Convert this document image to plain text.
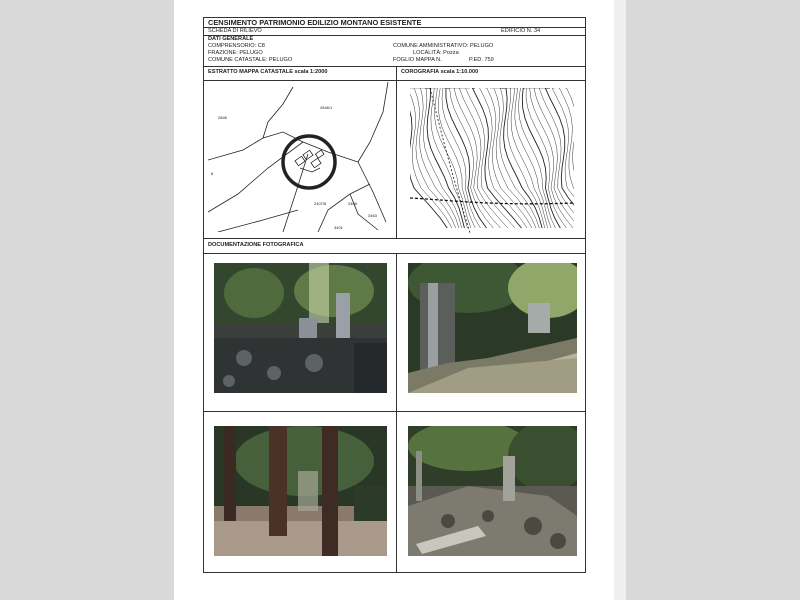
CENSIMENTO PATRIMONIO EDILIZIO MONTANO ESISTENTE
SCHEDA DI RILIEVO	EDIFICIO N. 34
DATI GENERALE
COMPRENSORIO: C8	COMUNE AMMINISTRATIVO: PELUGO
FRAZIONE: PELUGO	LOCALITÀ: Pozza
COMUNE CATASTALE: PELUGO	FOGLIO MAPPA N.	P.ED. 759
ESTRATTO MAPPA CATASTALE scala 1:2000	COROGRAFIA scala 1:10.000
2846/1
2846
2407/8	2408
3463
3401
8
DOCUMENTAZIONE FOTOGRAFICA
